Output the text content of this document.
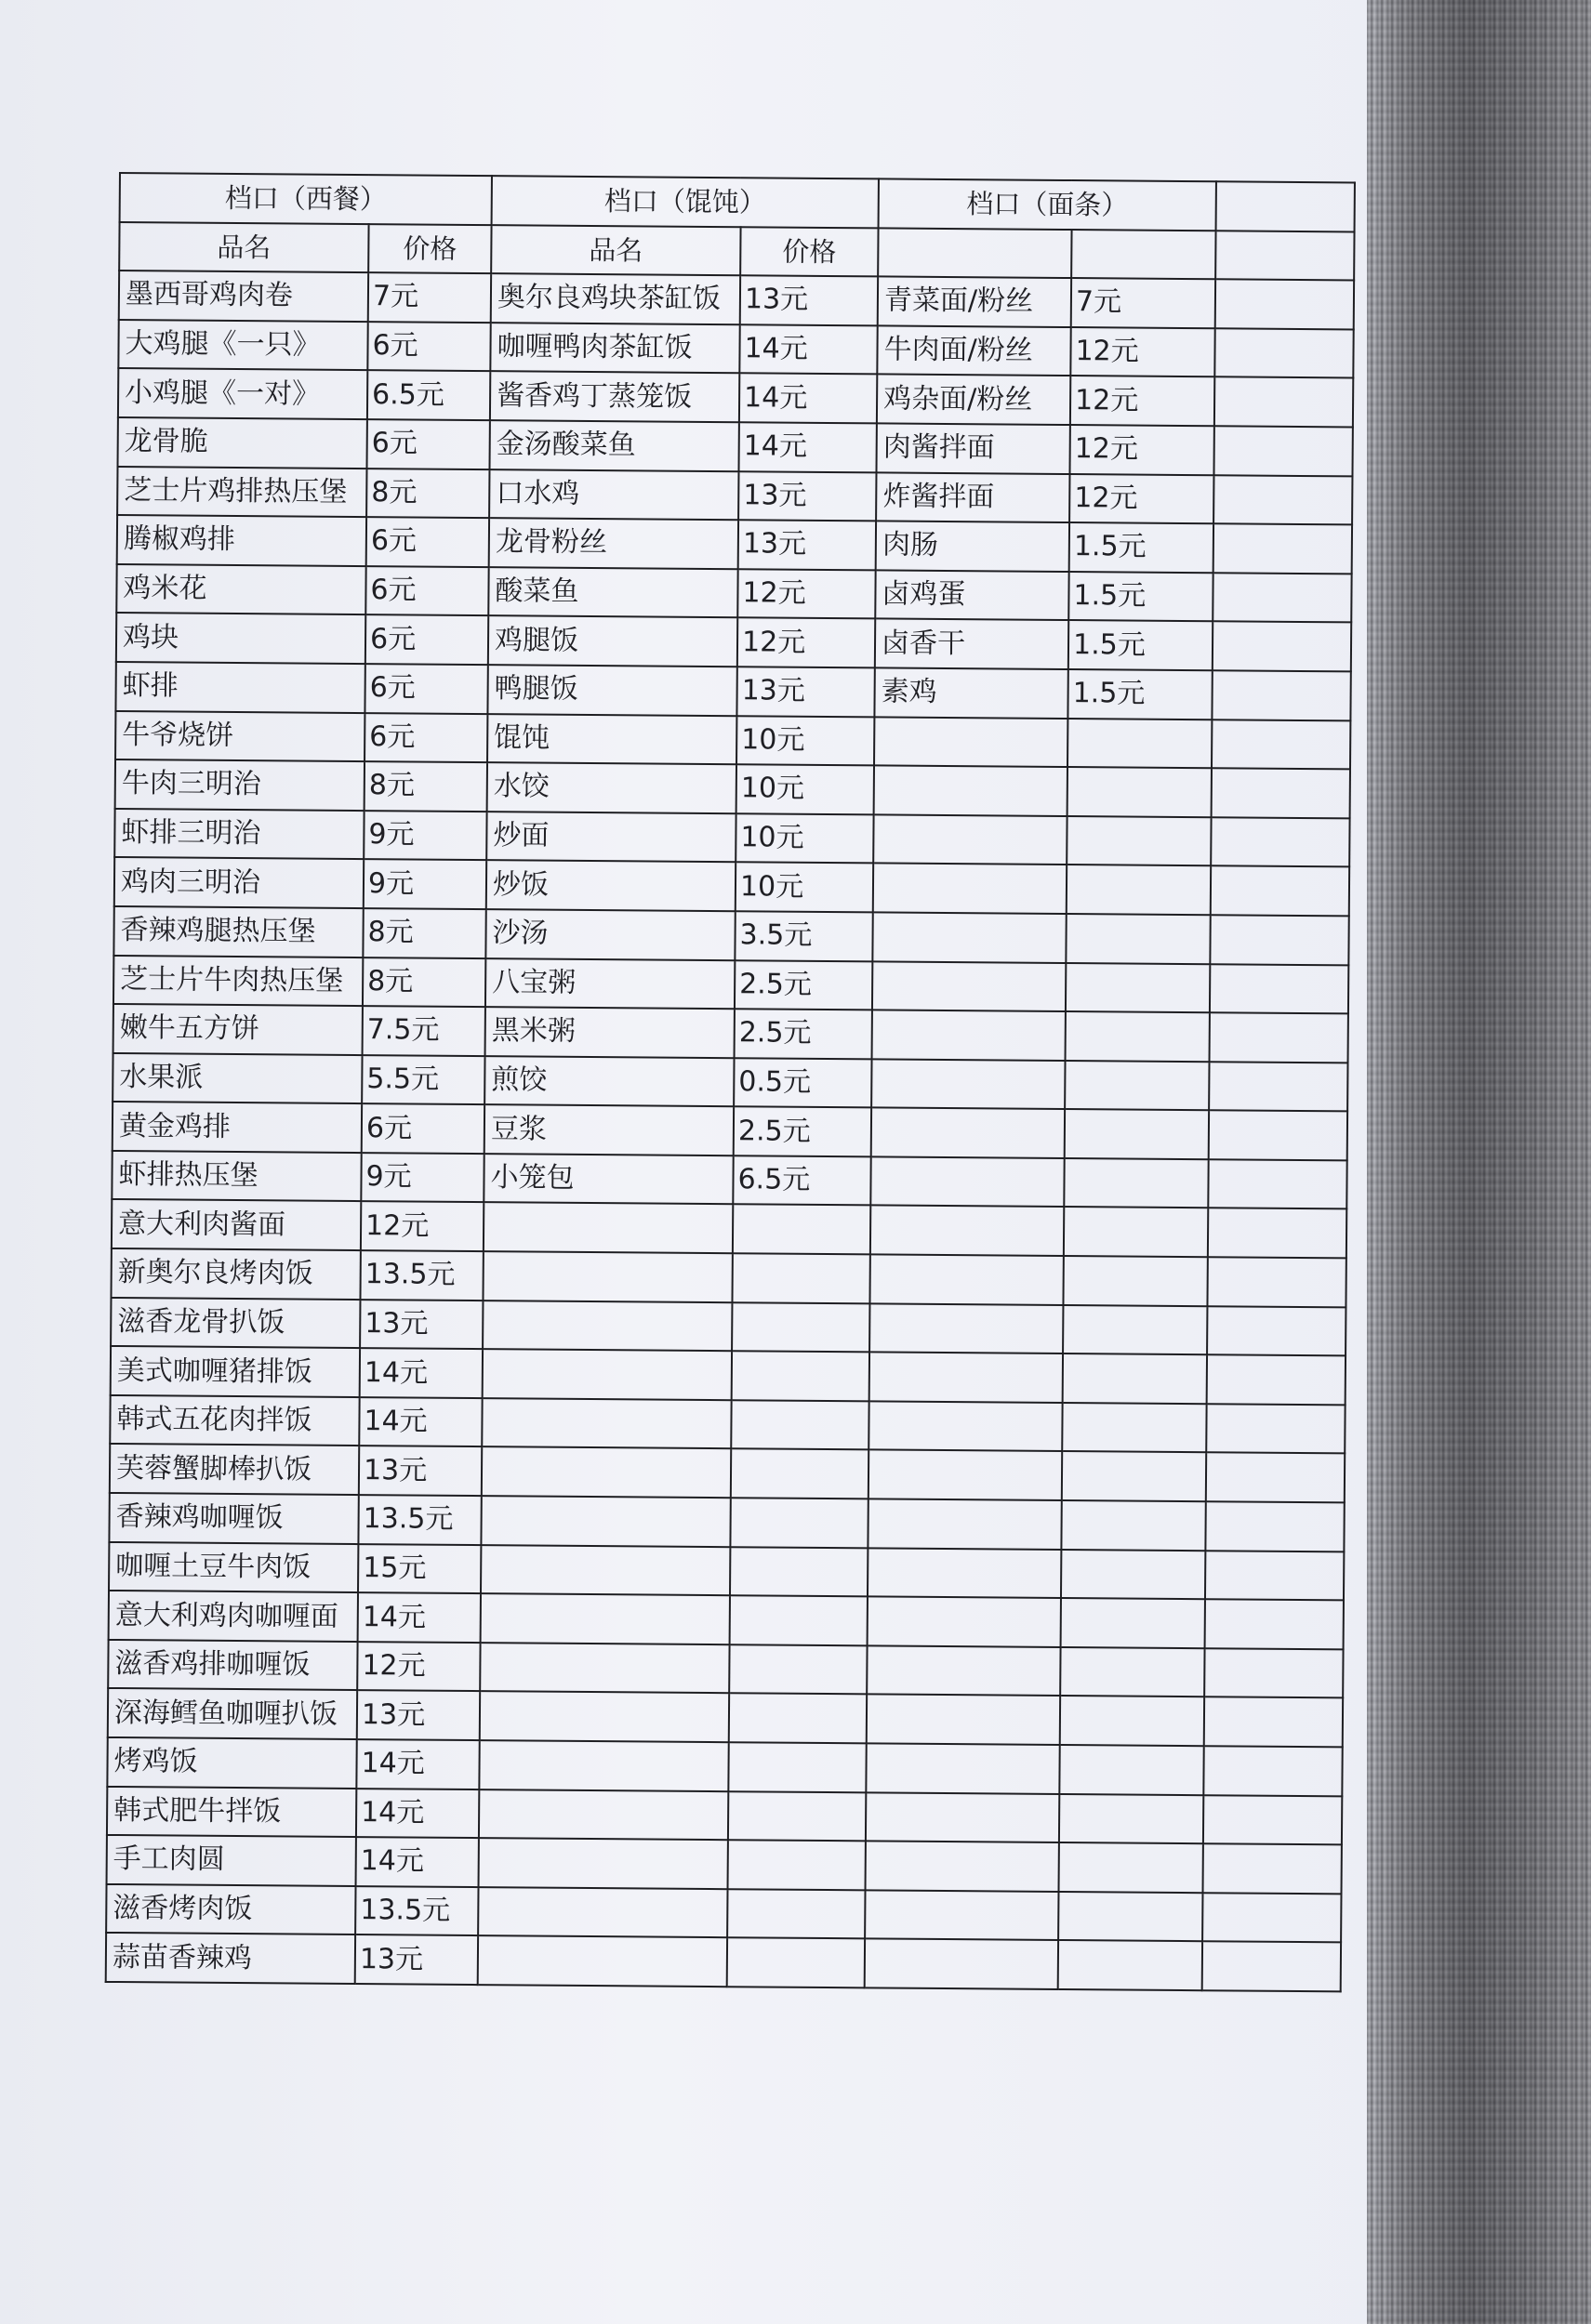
档口（西餐）		档口（馄饨）		档口（面条）		
品名	价格	品名	价格			
墨西哥鸡肉卷	7元	奥尔良鸡块茶缸饭	13元	青菜面/粉丝	7元	
大鸡腿《一只》	6元	咖喱鸭肉茶缸饭	14元	牛肉面/粉丝	12元	
小鸡腿《一对》	6.5元	酱香鸡丁蒸笼饭	14元	鸡杂面/粉丝	12元	
龙骨脆	6元	金汤酸菜鱼	14元	肉酱拌面	12元	
芝士片鸡排热压堡	8元	口水鸡	13元	炸酱拌面	12元	
腾椒鸡排	6元	龙骨粉丝	13元	肉肠	1.5元	
鸡米花	6元	酸菜鱼	12元	卤鸡蛋	1.5元	
鸡块	6元	鸡腿饭	12元	卤香干	1.5元	
虾排	6元	鸭腿饭	13元	素鸡	1.5元	
牛爷烧饼	6元	馄饨	10元			
牛肉三明治	8元	水饺	10元			
虾排三明治	9元	炒面	10元			
鸡肉三明治	9元	炒饭	10元			
香辣鸡腿热压堡	8元	沙汤	3.5元			
芝士片牛肉热压堡	8元	八宝粥	2.5元			
嫩牛五方饼	7.5元	黑米粥	2.5元			
水果派	5.5元	煎饺	0.5元			
黄金鸡排	6元	豆浆	2.5元			
虾排热压堡	9元	小笼包	6.5元			
意大利肉酱面	12元					
新奥尔良烤肉饭	13.5元					
滋香龙骨扒饭	13元					
美式咖喱猪排饭	14元					
韩式五花肉拌饭	14元					
芙蓉蟹脚棒扒饭	13元					
香辣鸡咖喱饭	13.5元					
咖喱土豆牛肉饭	15元					
意大利鸡肉咖喱面	14元					
滋香鸡排咖喱饭	12元					
深海鳕鱼咖喱扒饭	13元					
烤鸡饭	14元					
韩式肥牛拌饭	14元					
手工肉圆	14元					
滋香烤肉饭	13.5元					
蒜苗香辣鸡	13元					
